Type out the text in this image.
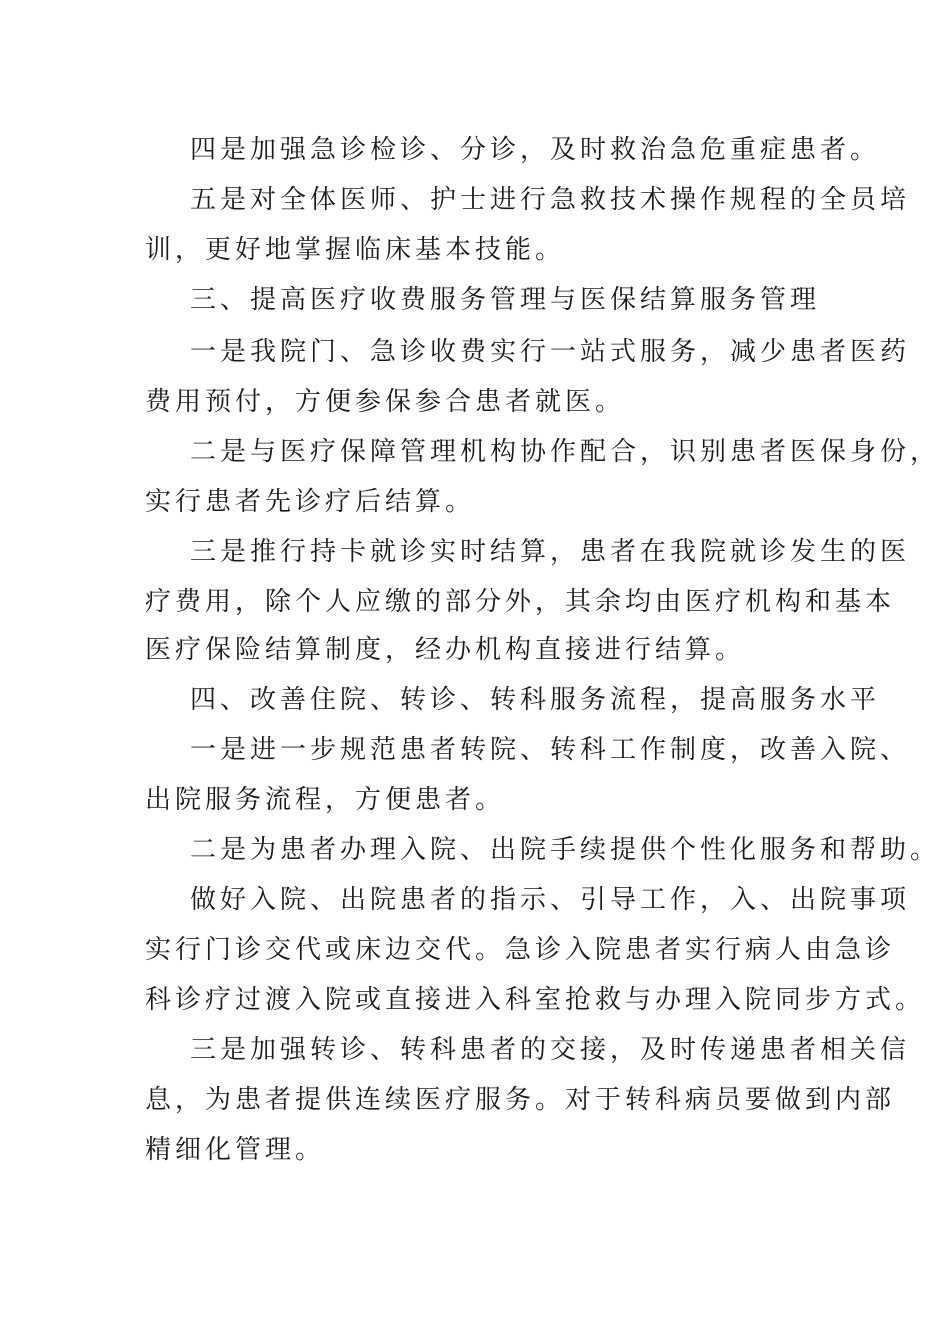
四是加强急诊检诊、分诊，及时救治急危重症患者。
五是对全体医师、护士进行急救技术操作规程的全员培
训，更好地掌握临床基本技能。
三、提高医疗收费服务管理与医保结算服务管理
一是我院门、急诊收费实行一站式服务，减少患者医药
费用预付，方便参保参合患者就医。
二是与医疗保障管理机构协作配合，识别患者医保身份，
实行患者先诊疗后结算。
三是推行持卡就诊实时结算，患者在我院就诊发生的医
疗费用，除个人应缴的部分外，其余均由医疗机构和基本
医疗保险结算制度，经办机构直接进行结算。
四、改善住院、转诊、转科服务流程，提高服务水平
一是进一步规范患者转院、转科工作制度，改善入院、
出院服务流程，方便患者。
二是为患者办理入院、出院手续提供个性化服务和帮助。
做好入院、出院患者的指示、引导工作，入、出院事项
实行门诊交代或床边交代。急诊入院患者实行病人由急诊
科诊疗过渡入院或直接进入科室抢救与办理入院同步方式。
三是加强转诊、转科患者的交接，及时传递患者相关信
息，为患者提供连续医疗服务。对于转科病员要做到内部
精细化管理。
